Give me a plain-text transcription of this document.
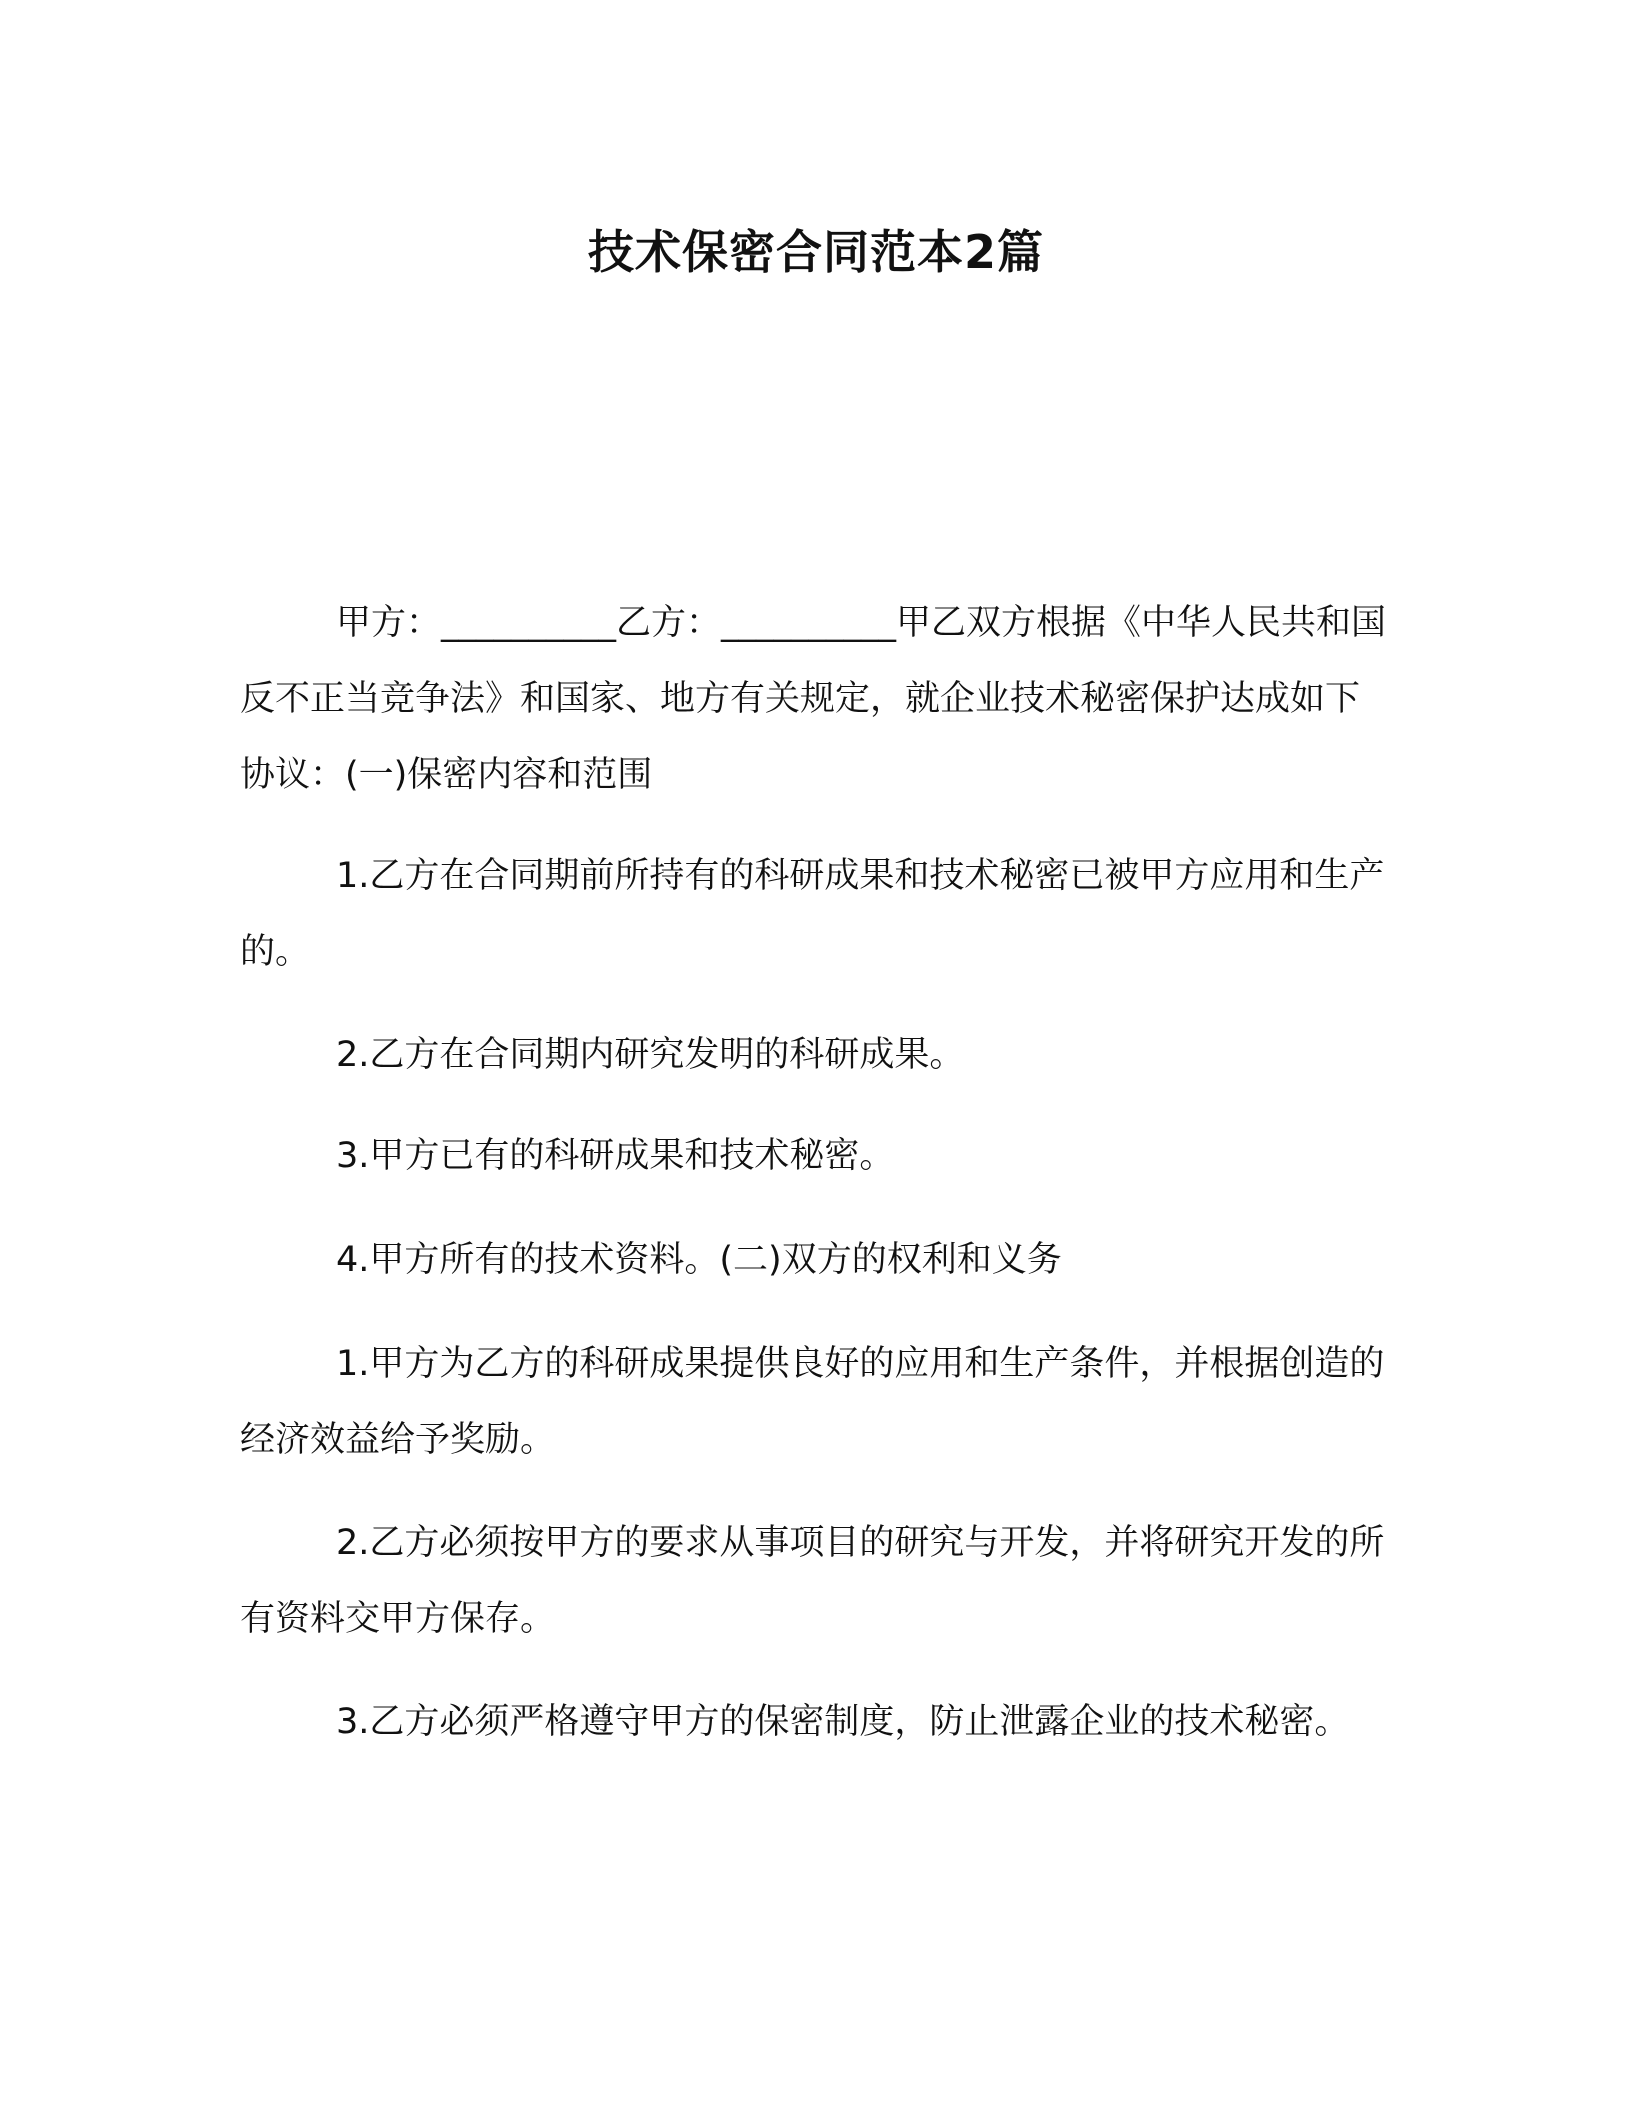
技术保密合同范本2篇

甲方：__________乙方：__________甲乙双方根据《中华人民共和国反不正当竞争法》和国家、地方有关规定，就企业技术秘密保护达成如下协议：(一)保密内容和范围

1.乙方在合同期前所持有的科研成果和技术秘密已被甲方应用和生产的。

2.乙方在合同期内研究发明的科研成果。

3.甲方已有的科研成果和技术秘密。

4.甲方所有的技术资料。(二)双方的权利和义务

1.甲方为乙方的科研成果提供良好的应用和生产条件，并根据创造的经济效益给予奖励。

2.乙方必须按甲方的要求从事项目的研究与开发，并将研究开发的所有资料交甲方保存。

3.乙方必须严格遵守甲方的保密制度，防止泄露企业的技术秘密。
